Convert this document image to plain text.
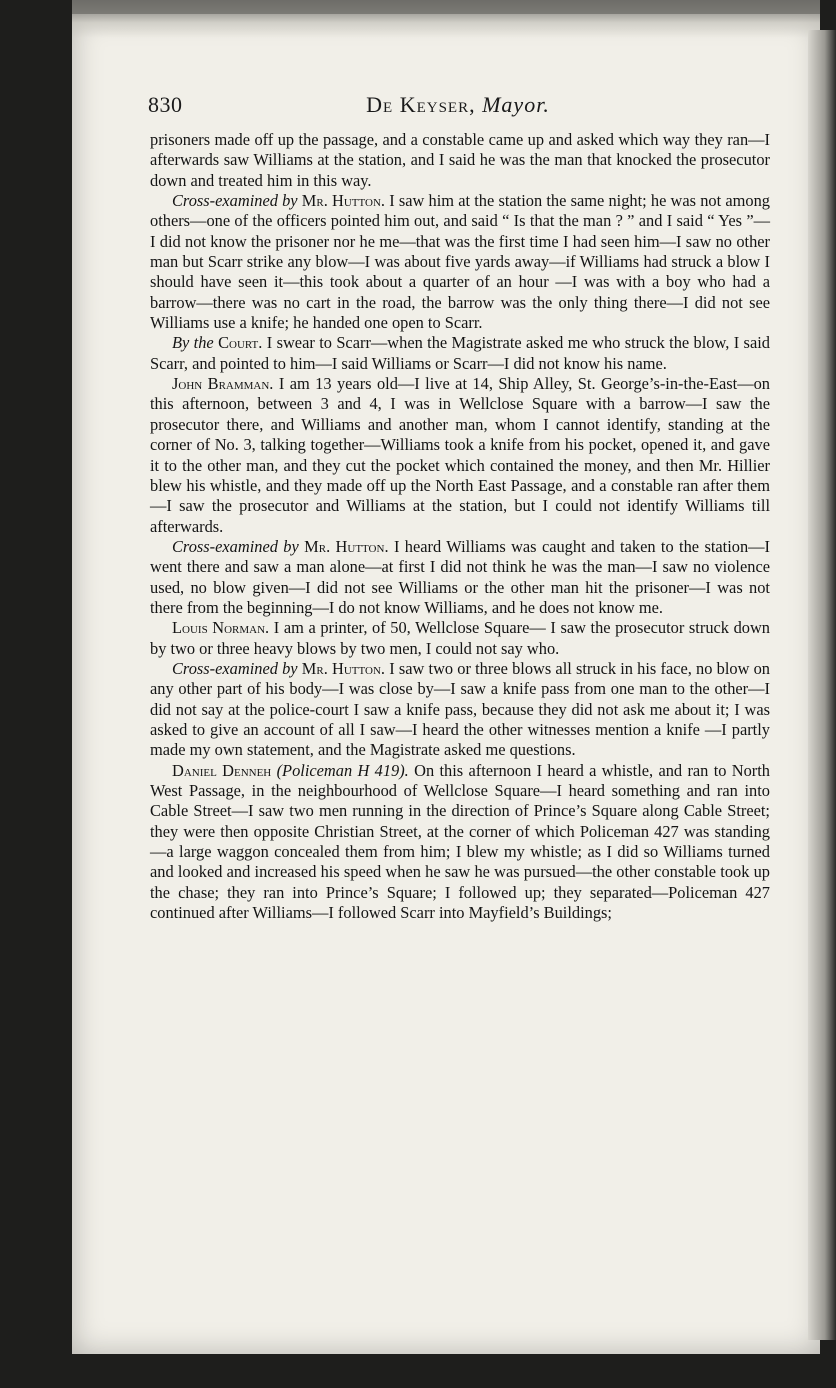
830	De Keyser, Mayor.

prisoners made off up the passage, and a constable came up and asked which way they ran—I afterwards saw Williams at the station, and I said he was the man that knocked the prosecutor down and treated him in this way.

Cross-examined by Mr. Hutton. I saw him at the station the same night; he was not among others—one of the officers pointed him out, and said “ Is that the man ? ” and I said “ Yes ”—I did not know the prisoner nor he me—that was the first time I had seen him—I saw no other man but Scarr strike any blow—I was about five yards away—if Williams had struck a blow I should have seen it—this took about a quarter of an hour —I was with a boy who had a barrow—there was no cart in the road, the barrow was the only thing there—I did not see Williams use a knife; he handed one open to Scarr.

By the Court. I swear to Scarr—when the Magistrate asked me who struck the blow, I said Scarr, and pointed to him—I said Williams or Scarr—I did not know his name.

John Bramman. I am 13 years old—I live at 14, Ship Alley, St. George’s-in-the-East—on this afternoon, between 3 and 4, I was in Wellclose Square with a barrow—I saw the prosecutor there, and Williams and another man, whom I cannot identify, standing at the corner of No. 3, talking together—Williams took a knife from his pocket, opened it, and gave it to the other man, and they cut the pocket which contained the money, and then Mr. Hillier blew his whistle, and they made off up the North East Passage, and a constable ran after them—I saw the prosecutor and Williams at the station, but I could not identify Williams till afterwards.

Cross-examined by Mr. Hutton. I heard Williams was caught and taken to the station—I went there and saw a man alone—at first I did not think he was the man—I saw no violence used, no blow given—I did not see Williams or the other man hit the prisoner—I was not there from the beginning—I do not know Williams, and he does not know me.

Louis Norman. I am a printer, of 50, Wellclose Square— I saw the prosecutor struck down by two or three heavy blows by two men, I could not say who.

Cross-examined by Mr. Hutton. I saw two or three blows all struck in his face, no blow on any other part of his body—I was close by—I saw a knife pass from one man to the other—I did not say at the police-court I saw a knife pass, because they did not ask me about it; I was asked to give an account of all I saw—I heard the other witnesses mention a knife —I partly made my own statement, and the Magistrate asked me questions.

Daniel Denneh (Policeman H 419). On this afternoon I heard a whistle, and ran to North West Passage, in the neighbourhood of Wellclose Square—I heard something and ran into Cable Street—I saw two men running in the direction of Prince’s Square along Cable Street; they were then opposite Christian Street, at the corner of which Policeman 427 was standing—a large waggon concealed them from him; I blew my whistle; as I did so Williams turned and looked and increased his speed when he saw he was pursued—the other constable took up the chase; they ran into Prince’s Square; I followed up; they separated—Policeman 427 continued after Williams—I followed Scarr into Mayfield’s Buildings;
